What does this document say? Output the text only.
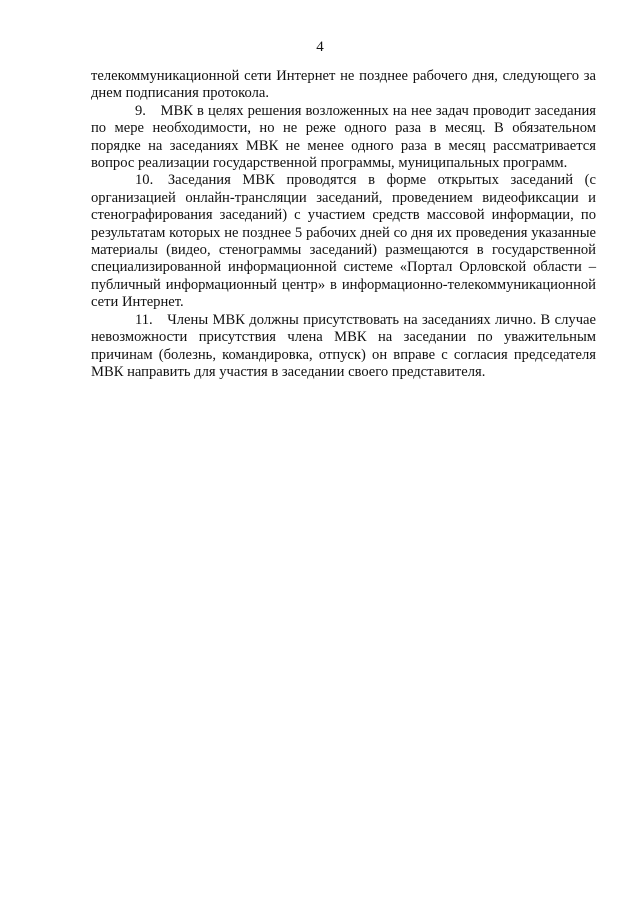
4

телекоммуникационной сети Интернет не позднее рабочего дня, следующего за днем подписания протокола.

9. МВК в целях решения возложенных на нее задач проводит заседания по мере необходимости, но не реже одного раза в месяц. В обязательном порядке на заседаниях МВК не менее одного раза в месяц рассматривается вопрос реализации государственной программы, муниципальных программ.

10. Заседания МВК проводятся в форме открытых заседаний (с организацией онлайн-трансляции заседаний, проведением видеофиксации и стенографирования заседаний) с участием средств массовой информации, по результатам которых не позднее 5 рабочих дней со дня их проведения указанные материалы (видео, стенограммы заседаний) размещаются в государственной специализированной информационной системе «Портал Орловской области – публичный информационный центр» в информационно-телекоммуникационной сети Интернет.

11. Члены МВК должны присутствовать на заседаниях лично. В случае невозможности присутствия члена МВК на заседании по уважительным причинам (болезнь, командировка, отпуск) он вправе с согласия председателя МВК направить для участия в заседании своего представителя.
